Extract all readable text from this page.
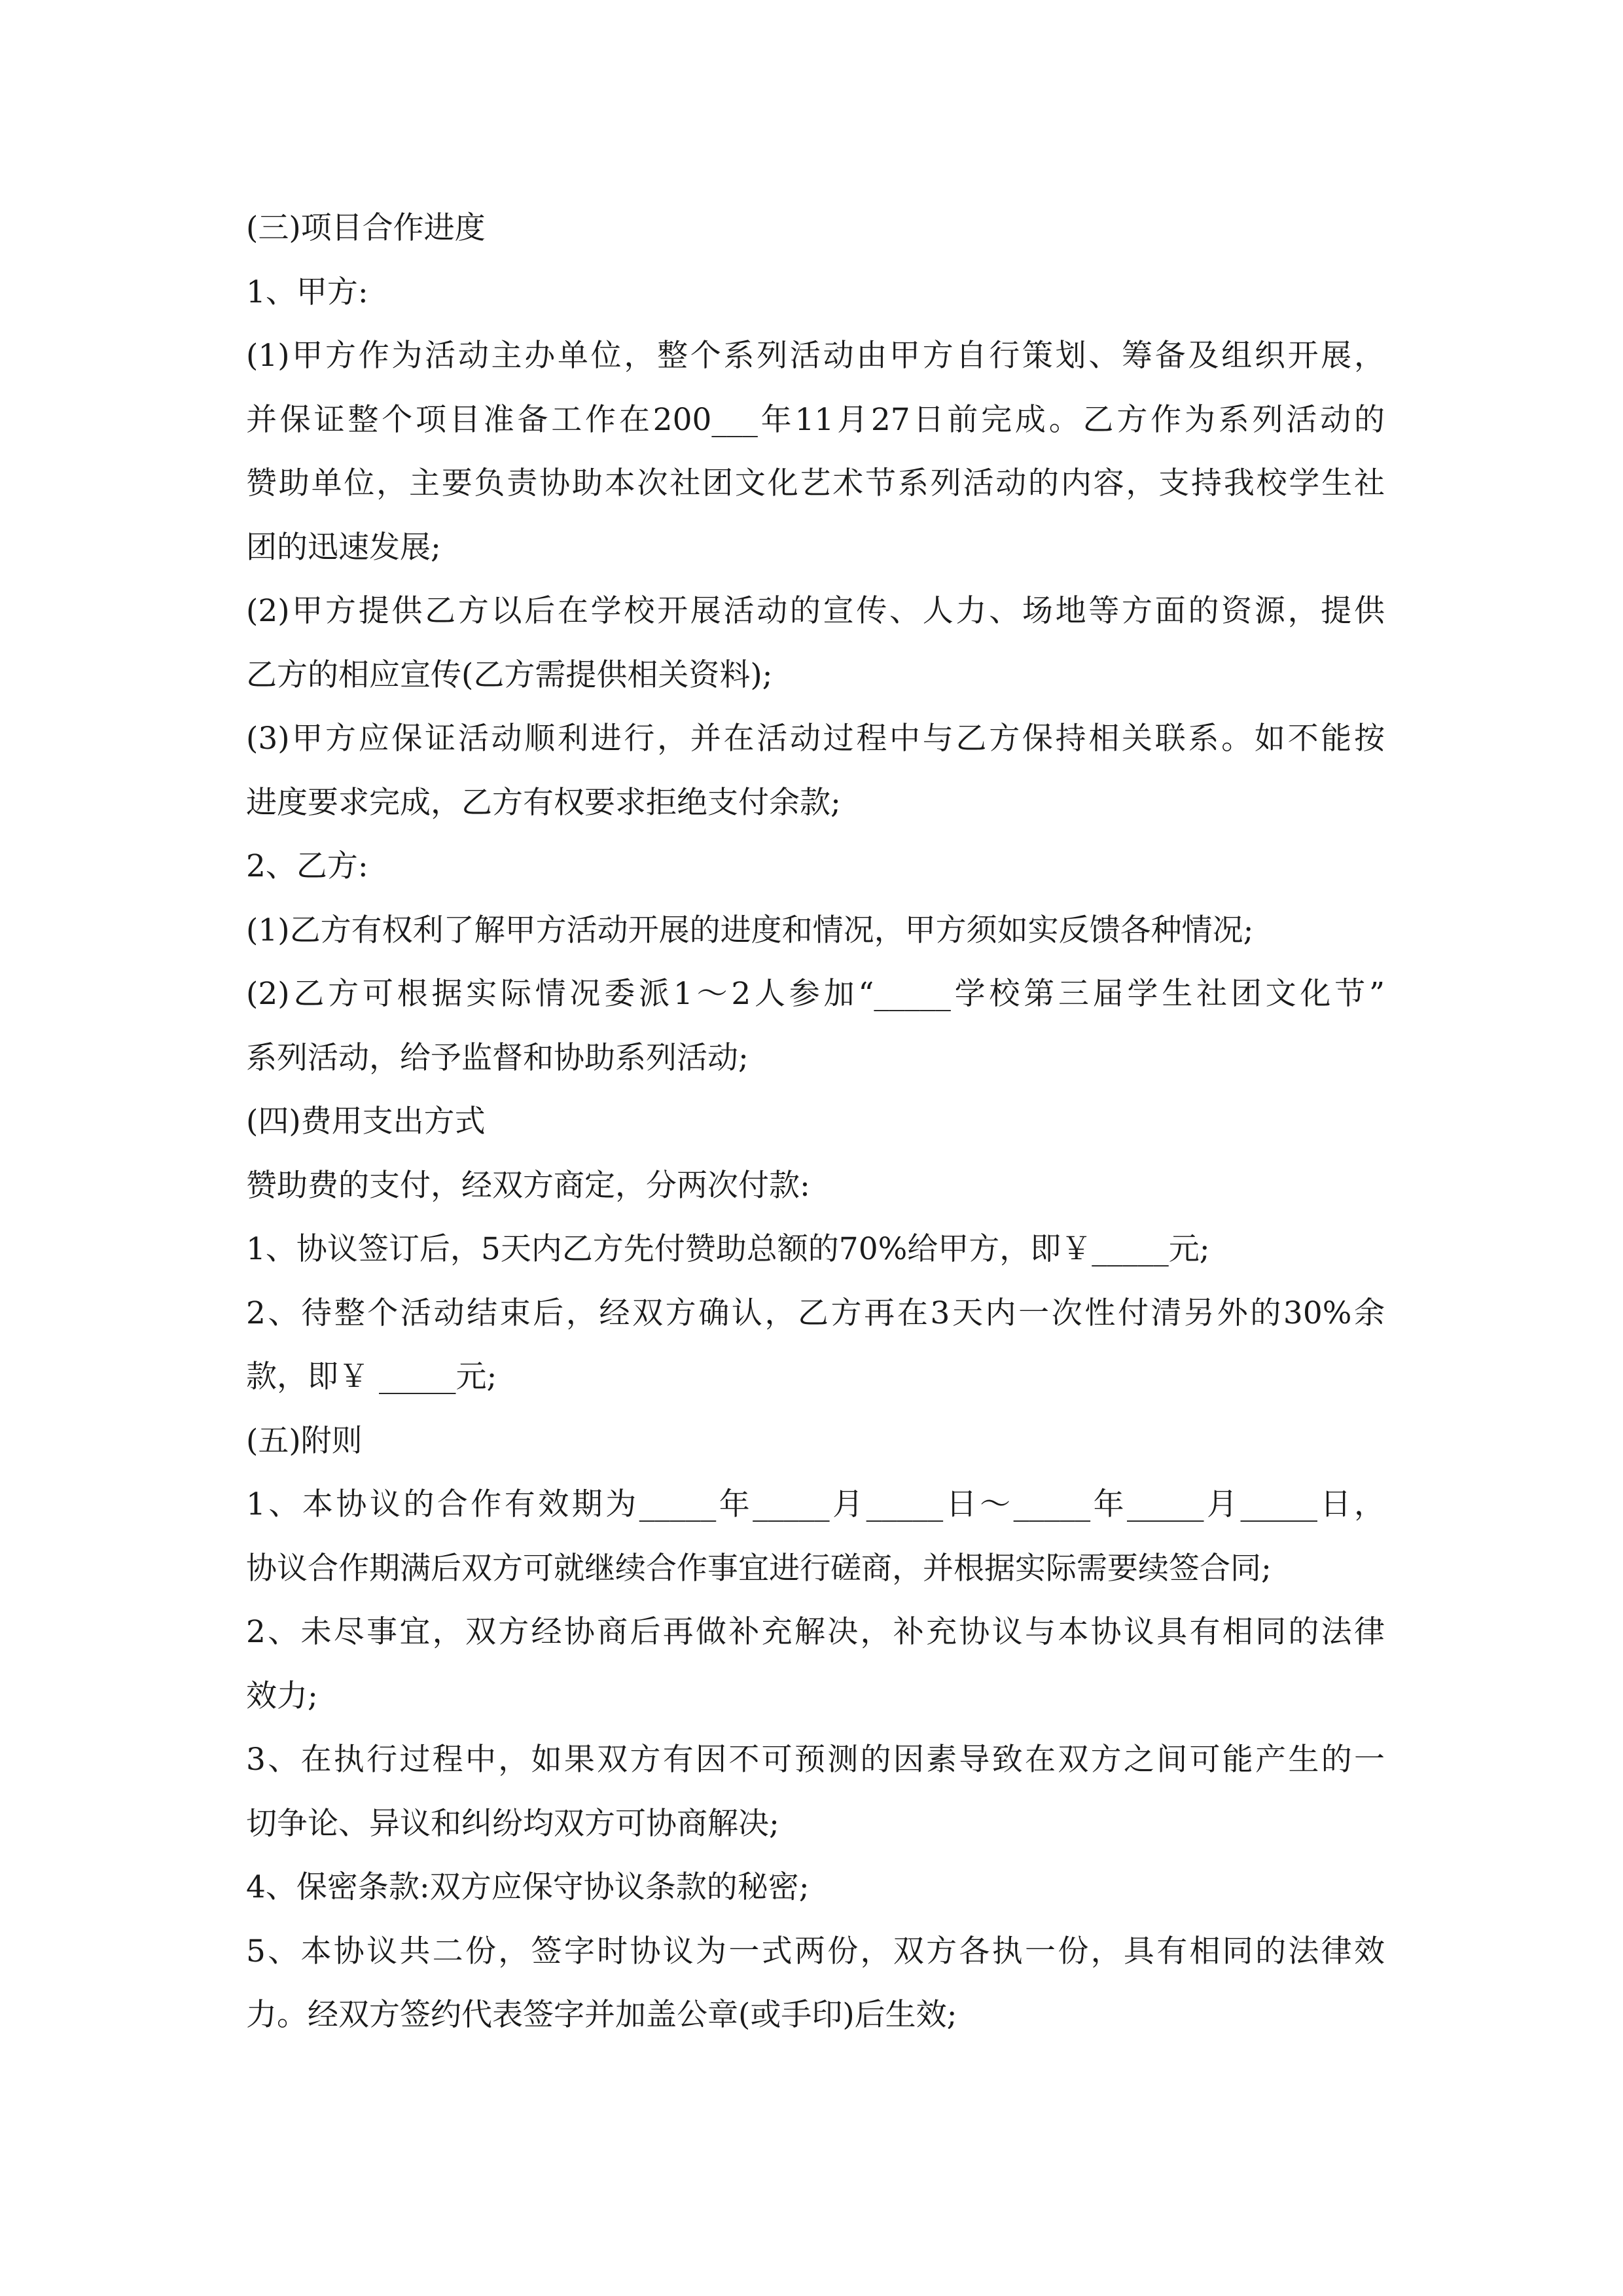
(三)项目合作进度

1、甲方:

(1)甲方作为活动主办单位，整个系列活动由甲方自行策划、筹备及组织开展，

并保证整个项目准备工作在200___年11月27日前完成。乙方作为系列活动的

赞助单位，主要负责协助本次社团文化艺术节系列活动的内容，支持我校学生社

团的迅速发展;

(2)甲方提供乙方以后在学校开展活动的宣传、人力、场地等方面的资源，提供

乙方的相应宣传(乙方需提供相关资料);

(3)甲方应保证活动顺利进行，并在活动过程中与乙方保持相关联系。如不能按

进度要求完成，乙方有权要求拒绝支付余款;

2、乙方:

(1)乙方有权利了解甲方活动开展的进度和情况，甲方须如实反馈各种情况;

(2)乙方可根据实际情况委派1～2人参加“_____学校第三届学生社团文化节”

系列活动，给予监督和协助系列活动;

(四)费用支出方式

赞助费的支付，经双方商定，分两次付款:

1、协议签订后，5天内乙方先付赞助总额的70%给甲方，即￥_____元;

2、待整个活动结束后，经双方确认，乙方再在3天内一次性付清另外的30%余

款，即￥ _____元;

(五)附则

1、本协议的合作有效期为_____年_____月_____日～_____年_____月_____日，

协议合作期满后双方可就继续合作事宜进行磋商，并根据实际需要续签合同;

2、未尽事宜，双方经协商后再做补充解决，补充协议与本协议具有相同的法律

效力;

3、在执行过程中，如果双方有因不可预测的因素导致在双方之间可能产生的一

切争论、异议和纠纷均双方可协商解决;

4、保密条款:双方应保守协议条款的秘密;

5、本协议共二份，签字时协议为一式两份，双方各执一份，具有相同的法律效

力。经双方签约代表签字并加盖公章(或手印)后生效;
